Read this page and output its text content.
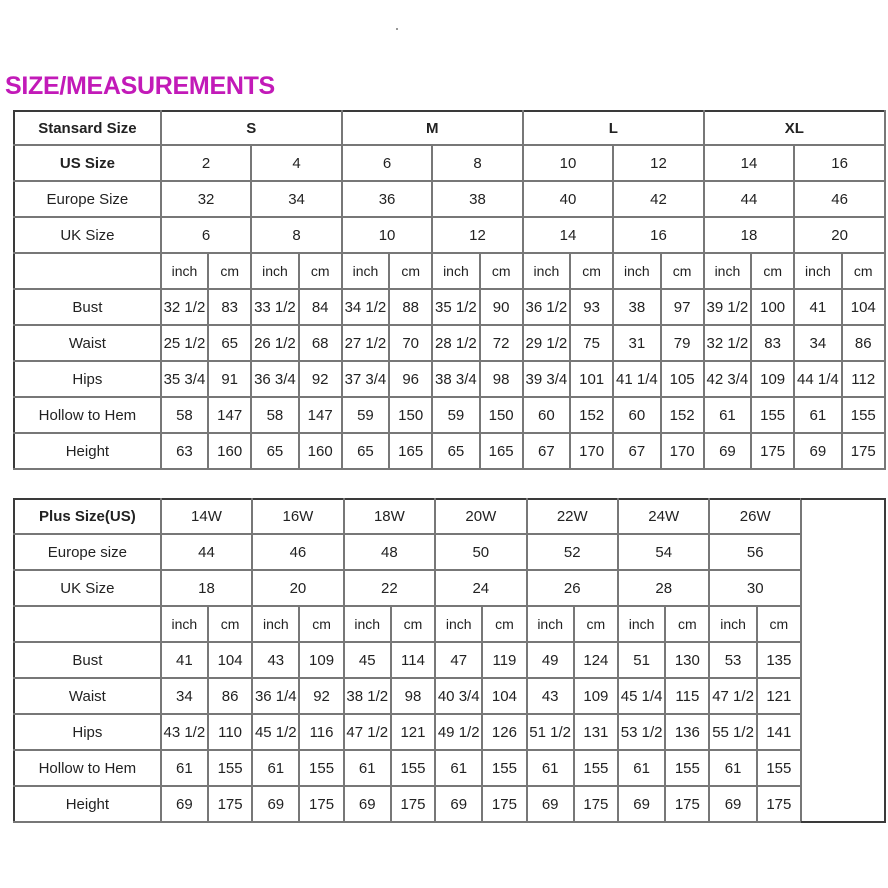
SIZE/MEASUREMENTS
Stansard Size	S				M				L				XL			
US Size	2		4		6		8		10		12		14		16	
Europe Size	32		34		36		38		40		42		44		46	
UK Size	6		8		10		12		14		16		18		20	
	inch	cm	inch	cm	inch	cm	inch	cm	inch	cm	inch	cm	inch	cm	inch	cm
Bust	32 1/2	83	33 1/2	84	34 1/2	88	35 1/2	90	36 1/2	93	38	97	39 1/2	100	41	104
Waist	25 1/2	65	26 1/2	68	27 1/2	70	28 1/2	72	29 1/2	75	31	79	32 1/2	83	34	86
Hips	35 3/4	91	36 3/4	92	37 3/4	96	38 3/4	98	39 3/4	101	41 1/4	105	42 3/4	109	44 1/4	112
Hollow to Hem	58	147	58	147	59	150	59	150	60	152	60	152	61	155	61	155
Height	63	160	65	160	65	165	65	165	67	170	67	170	69	175	69	175
Plus Size(US)	14W		16W		18W		20W		22W		24W		26W	
Europe size	44		46		48		50		52		54		56	
UK Size	18		20		22		24		26		28		30	
	inch	cm	inch	cm	inch	cm	inch	cm	inch	cm	inch	cm	inch	cm
Bust	41	104	43	109	45	114	47	119	49	124	51	130	53	135
Waist	34	86	36 1/4	92	38 1/2	98	40 3/4	104	43	109	45 1/4	115	47 1/2	121
Hips	43 1/2	110	45 1/2	116	47 1/2	121	49 1/2	126	51 1/2	131	53 1/2	136	55 1/2	141
Hollow to Hem	61	155	61	155	61	155	61	155	61	155	61	155	61	155
Height	69	175	69	175	69	175	69	175	69	175	69	175	69	175
